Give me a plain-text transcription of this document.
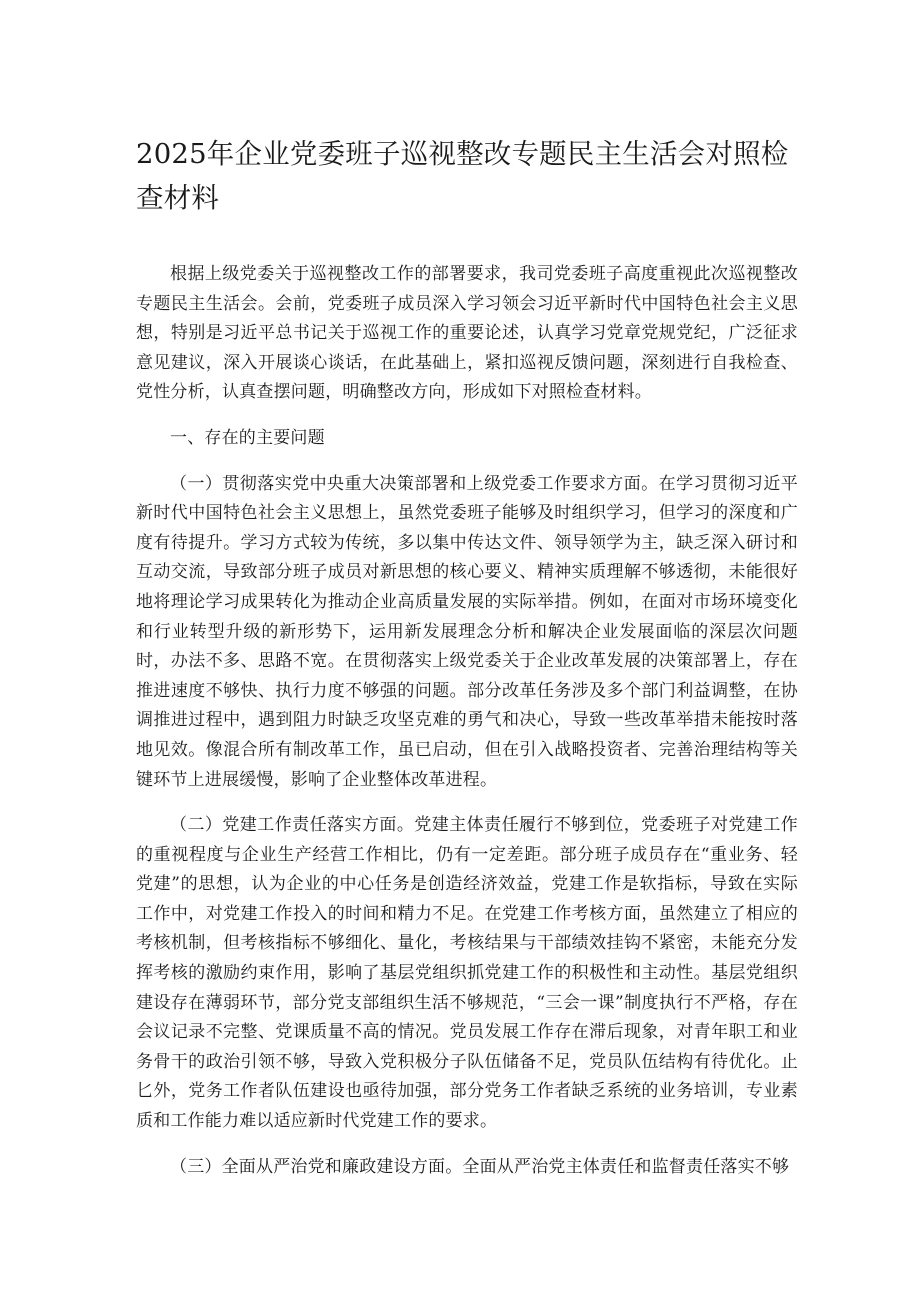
2025年企业党委班子巡视整改专题民主生活会对照检查材料

根据上级党委关于巡视整改工作的部署要求，我司党委班子高度重视此次巡视整改专题民主生活会。会前，党委班子成员深入学习领会习近平新时代中国特色社会主义思想，特别是习近平总书记关于巡视工作的重要论述，认真学习党章党规党纪，广泛征求意见建议，深入开展谈心谈话，在此基础上，紧扣巡视反馈问题，深刻进行自我检查、党性分析，认真查摆问题，明确整改方向，形成如下对照检查材料。

一、存在的主要问题

（一）贯彻落实党中央重大决策部署和上级党委工作要求方面。在学习贯彻习近平新时代中国特色社会主义思想上，虽然党委班子能够及时组织学习，但学习的深度和广度有待提升。学习方式较为传统，多以集中传达文件、领导领学为主，缺乏深入研讨和互动交流，导致部分班子成员对新思想的核心要义、精神实质理解不够透彻，未能很好地将理论学习成果转化为推动企业高质量发展的实际举措。例如，在面对市场环境变化和行业转型升级的新形势下，运用新发展理念分析和解决企业发展面临的深层次问题时，办法不多、思路不宽。在贯彻落实上级党委关于企业改革发展的决策部署上，存在推进速度不够快、执行力度不够强的问题。部分改革任务涉及多个部门利益调整，在协调推进过程中，遇到阻力时缺乏攻坚克难的勇气和决心，导致一些改革举措未能按时落地见效。像混合所有制改革工作，虽已启动，但在引入战略投资者、完善治理结构等关键环节上进展缓慢，影响了企业整体改革进程。

（二）党建工作责任落实方面。党建主体责任履行不够到位，党委班子对党建工作的重视程度与企业生产经营工作相比，仍有一定差距。部分班子成员存在“重业务、轻党建”的思想，认为企业的中心任务是创造经济效益，党建工作是软指标，导致在实际工作中，对党建工作投入的时间和精力不足。在党建工作考核方面，虽然建立了相应的考核机制，但考核指标不够细化、量化，考核结果与干部绩效挂钩不紧密，未能充分发挥考核的激励约束作用，影响了基层党组织抓党建工作的积极性和主动性。基层党组织建设存在薄弱环节，部分党支部组织生活不够规范，“三会一课”制度执行不严格，存在会议记录不完整、党课质量不高的情况。党员发展工作存在滞后现象，对青年职工和业务骨干的政治引领不够，导致入党积极分子队伍储备不足，党员队伍结构有待优化。止匕外，党务工作者队伍建设也亟待加强，部分党务工作者缺乏系统的业务培训，专业素质和工作能力难以适应新时代党建工作的要求。

（三）全面从严治党和廉政建设方面。全面从严治党主体责任和监督责任落实不够
